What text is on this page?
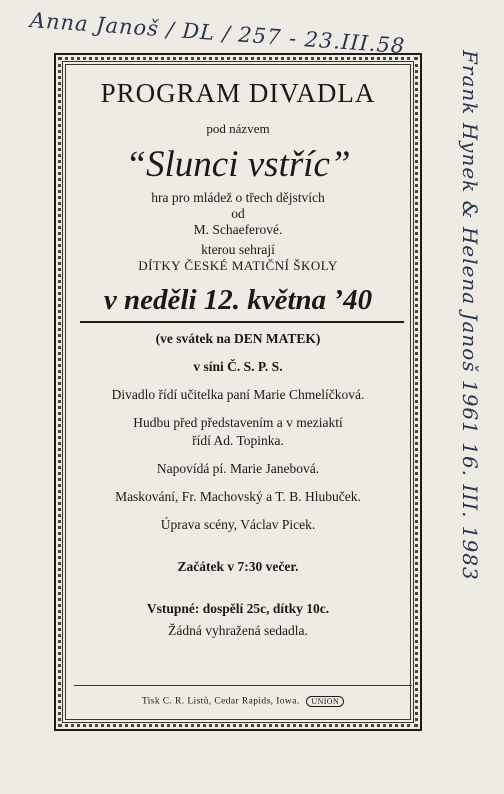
Anna Janoš / DL / 257 - 23.III.58
Frank Hynek & Helena Janoš 1961 16. III. 1983

PROGRAM DIVADLA

pod názvem

“Slunci vstříc”

hra pro mládež o třech dějstvích

od

M. Schaeferové.

kterou sehrají

DÍTKY ČESKÉ MATIČNÍ ŠKOLY

v neděli 12. května ’40

(ve svátek na DEN MATEK)

v síni Č. S. P. S.

Divadlo řídí učitelka paní Marie Chmelíčková.

Hudbu před představením a v meziaktí

řídí Ad. Topinka.

Napovídá pí. Marie Janebová.

Maskování, Fr. Machovský a T. B. Hlubuček.

Úprava scény, Václav Picek.

Začátek v 7:30 večer.

Vstupné: dospělí 25c, dítky 10c.

Žádná vyhražená sedadla.

Tisk C. R. Listů, Cedar Rapids, Iowa. UNION
